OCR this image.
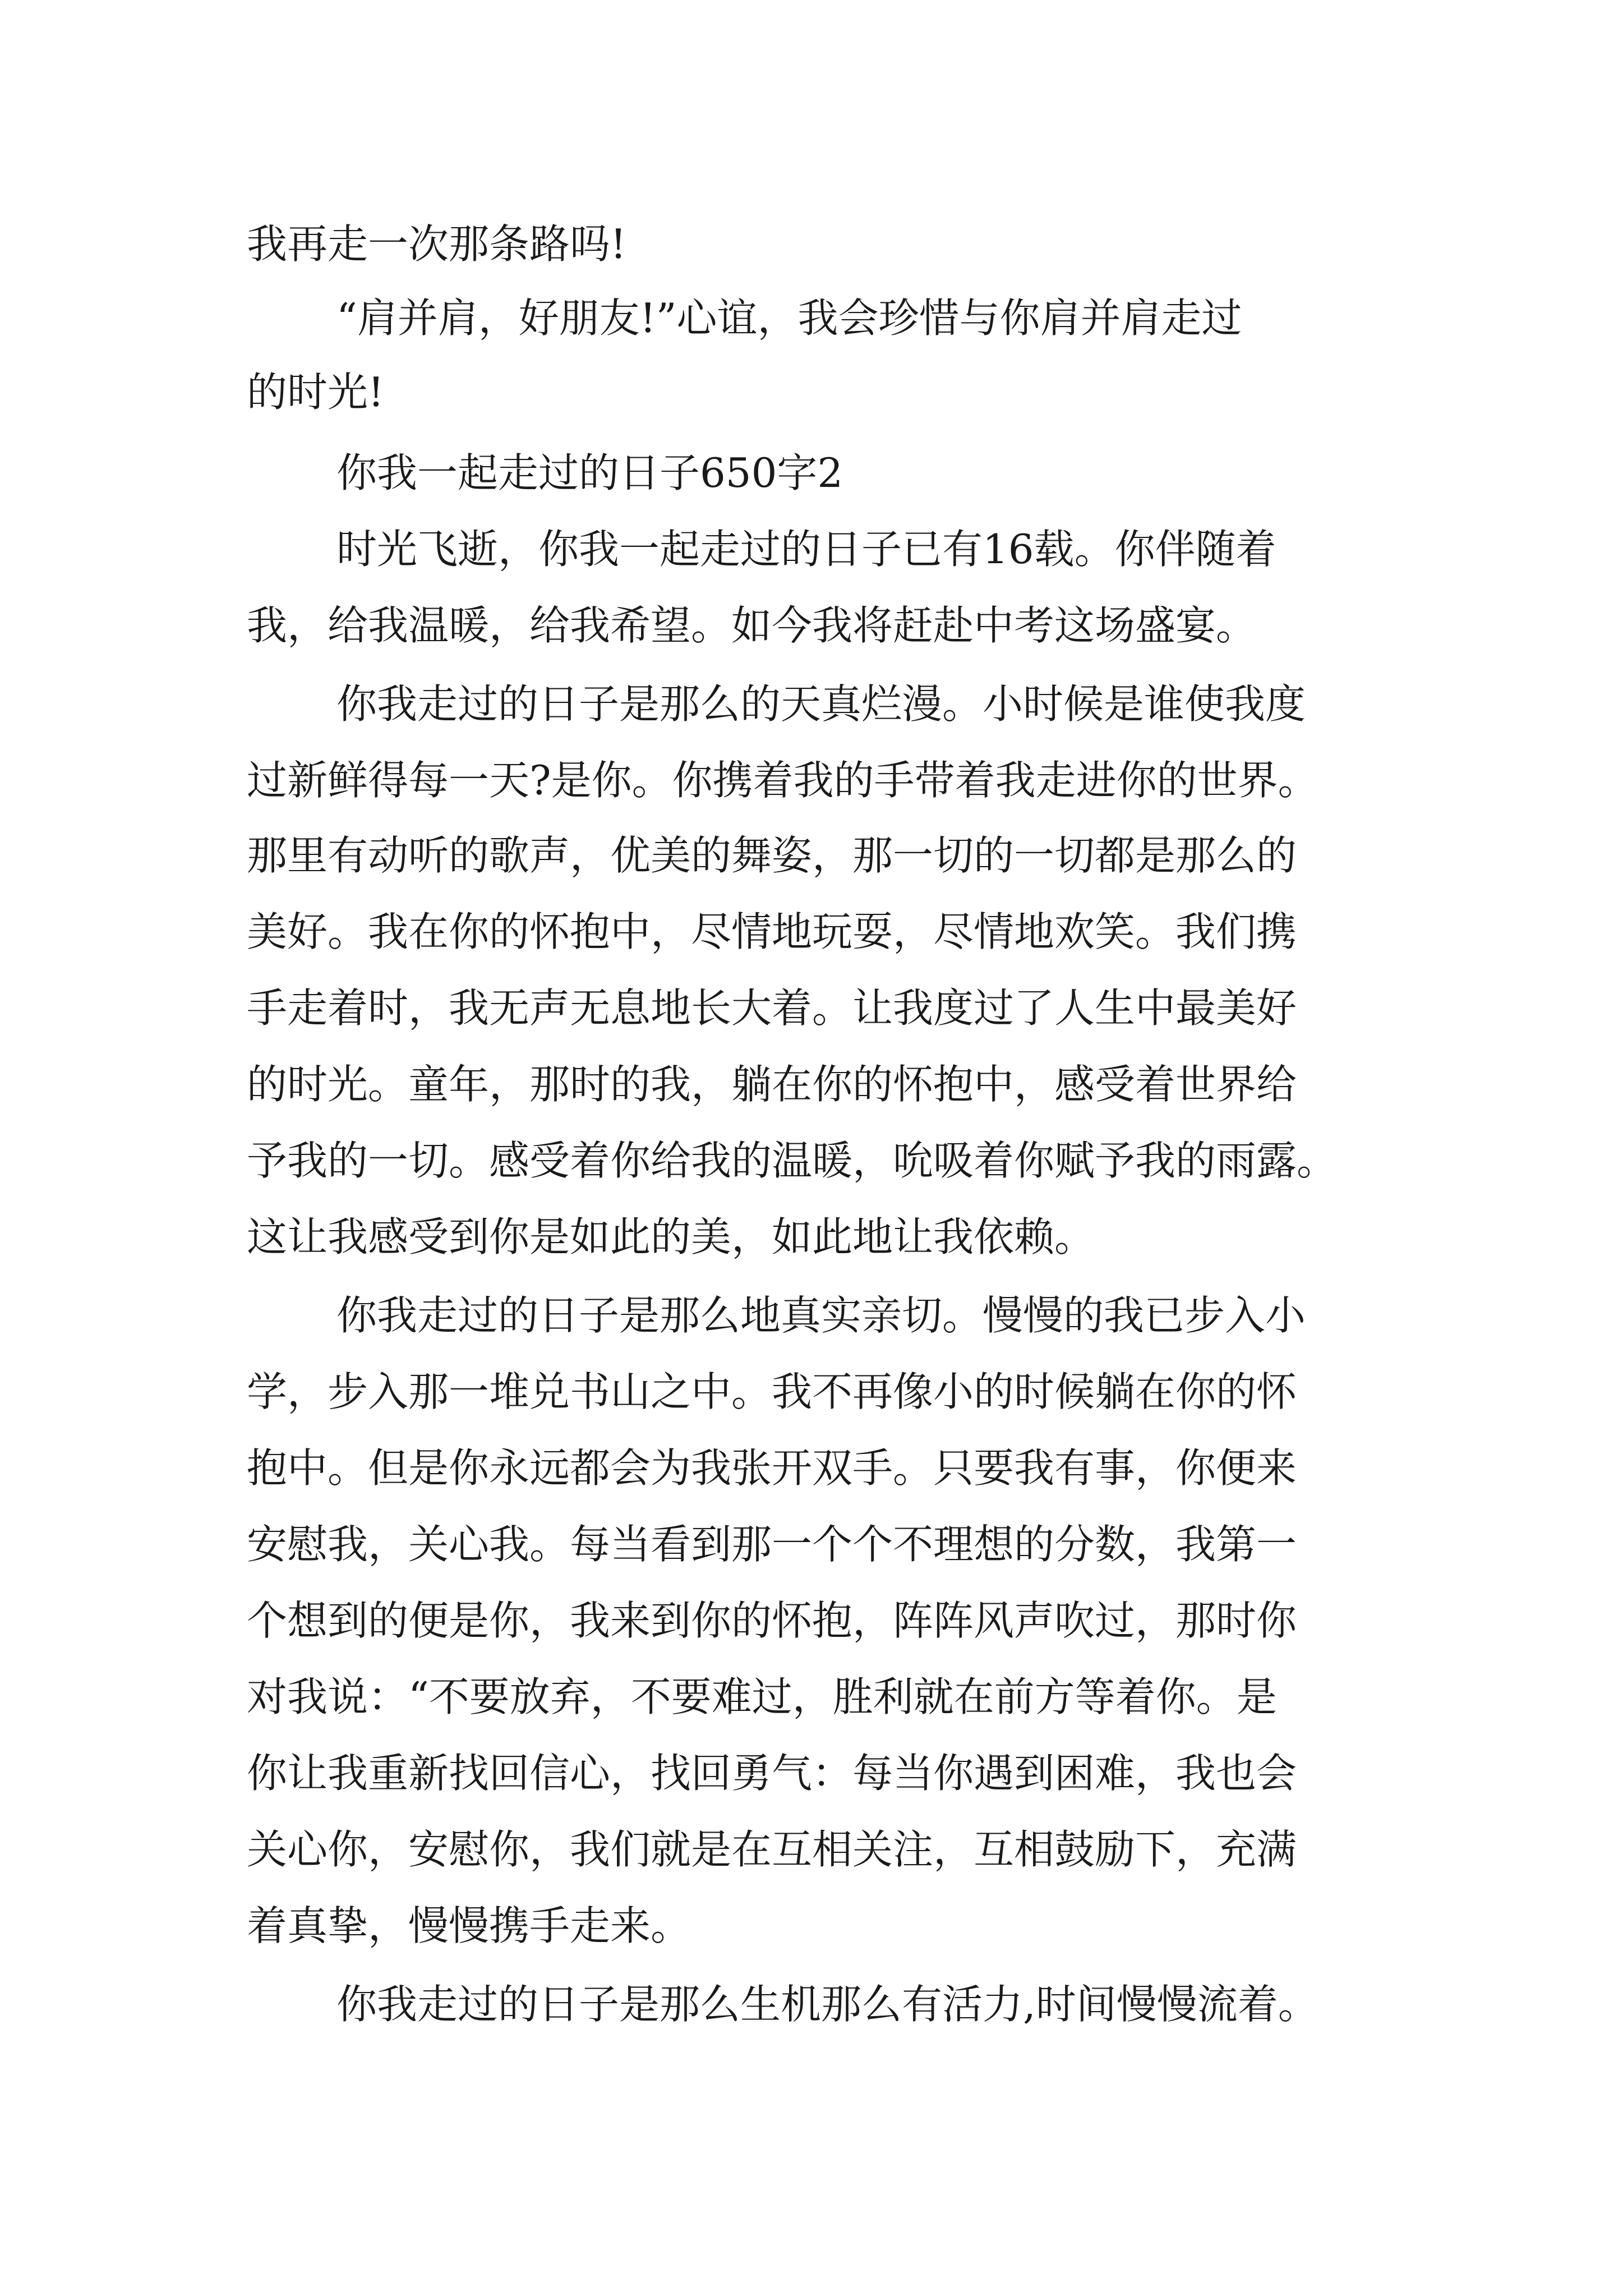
我再走一次那条路吗!
“肩并肩，好朋友!”心谊，我会珍惜与你肩并肩走过
的时光!
你我一起走过的日子650字2
时光飞逝，你我一起走过的日子已有16载。你伴随着
我，给我温暖，给我希望。如今我将赶赴中考这场盛宴。
你我走过的日子是那么的天真烂漫。小时候是谁使我度
过新鲜得每一天?是你。你携着我的手带着我走进你的世界。
那里有动听的歌声，优美的舞姿，那一切的一切都是那么的
美好。我在你的怀抱中，尽情地玩耍，尽情地欢笑。我们携
手走着时，我无声无息地长大着。让我度过了人生中最美好
的时光。童年，那时的我，躺在你的怀抱中，感受着世界给
予我的一切。感受着你给我的温暖，吮吸着你赋予我的雨露。
这让我感受到你是如此的美，如此地让我依赖。
你我走过的日子是那么地真实亲切。慢慢的我已步入小
学，步入那一堆兑书山之中。我不再像小的时候躺在你的怀
抱中。但是你永远都会为我张开双手。只要我有事，你便来
安慰我，关心我。每当看到那一个个不理想的分数，我第一
个想到的便是你，我来到你的怀抱，阵阵风声吹过，那时你
对我说：“不要放弃，不要难过，胜利就在前方等着你。是
你让我重新找回信心，找回勇气：每当你遇到困难，我也会
关心你，安慰你，我们就是在互相关注，互相鼓励下，充满
着真挚，慢慢携手走来。
你我走过的日子是那么生机那么有活力,时间慢慢流着。
